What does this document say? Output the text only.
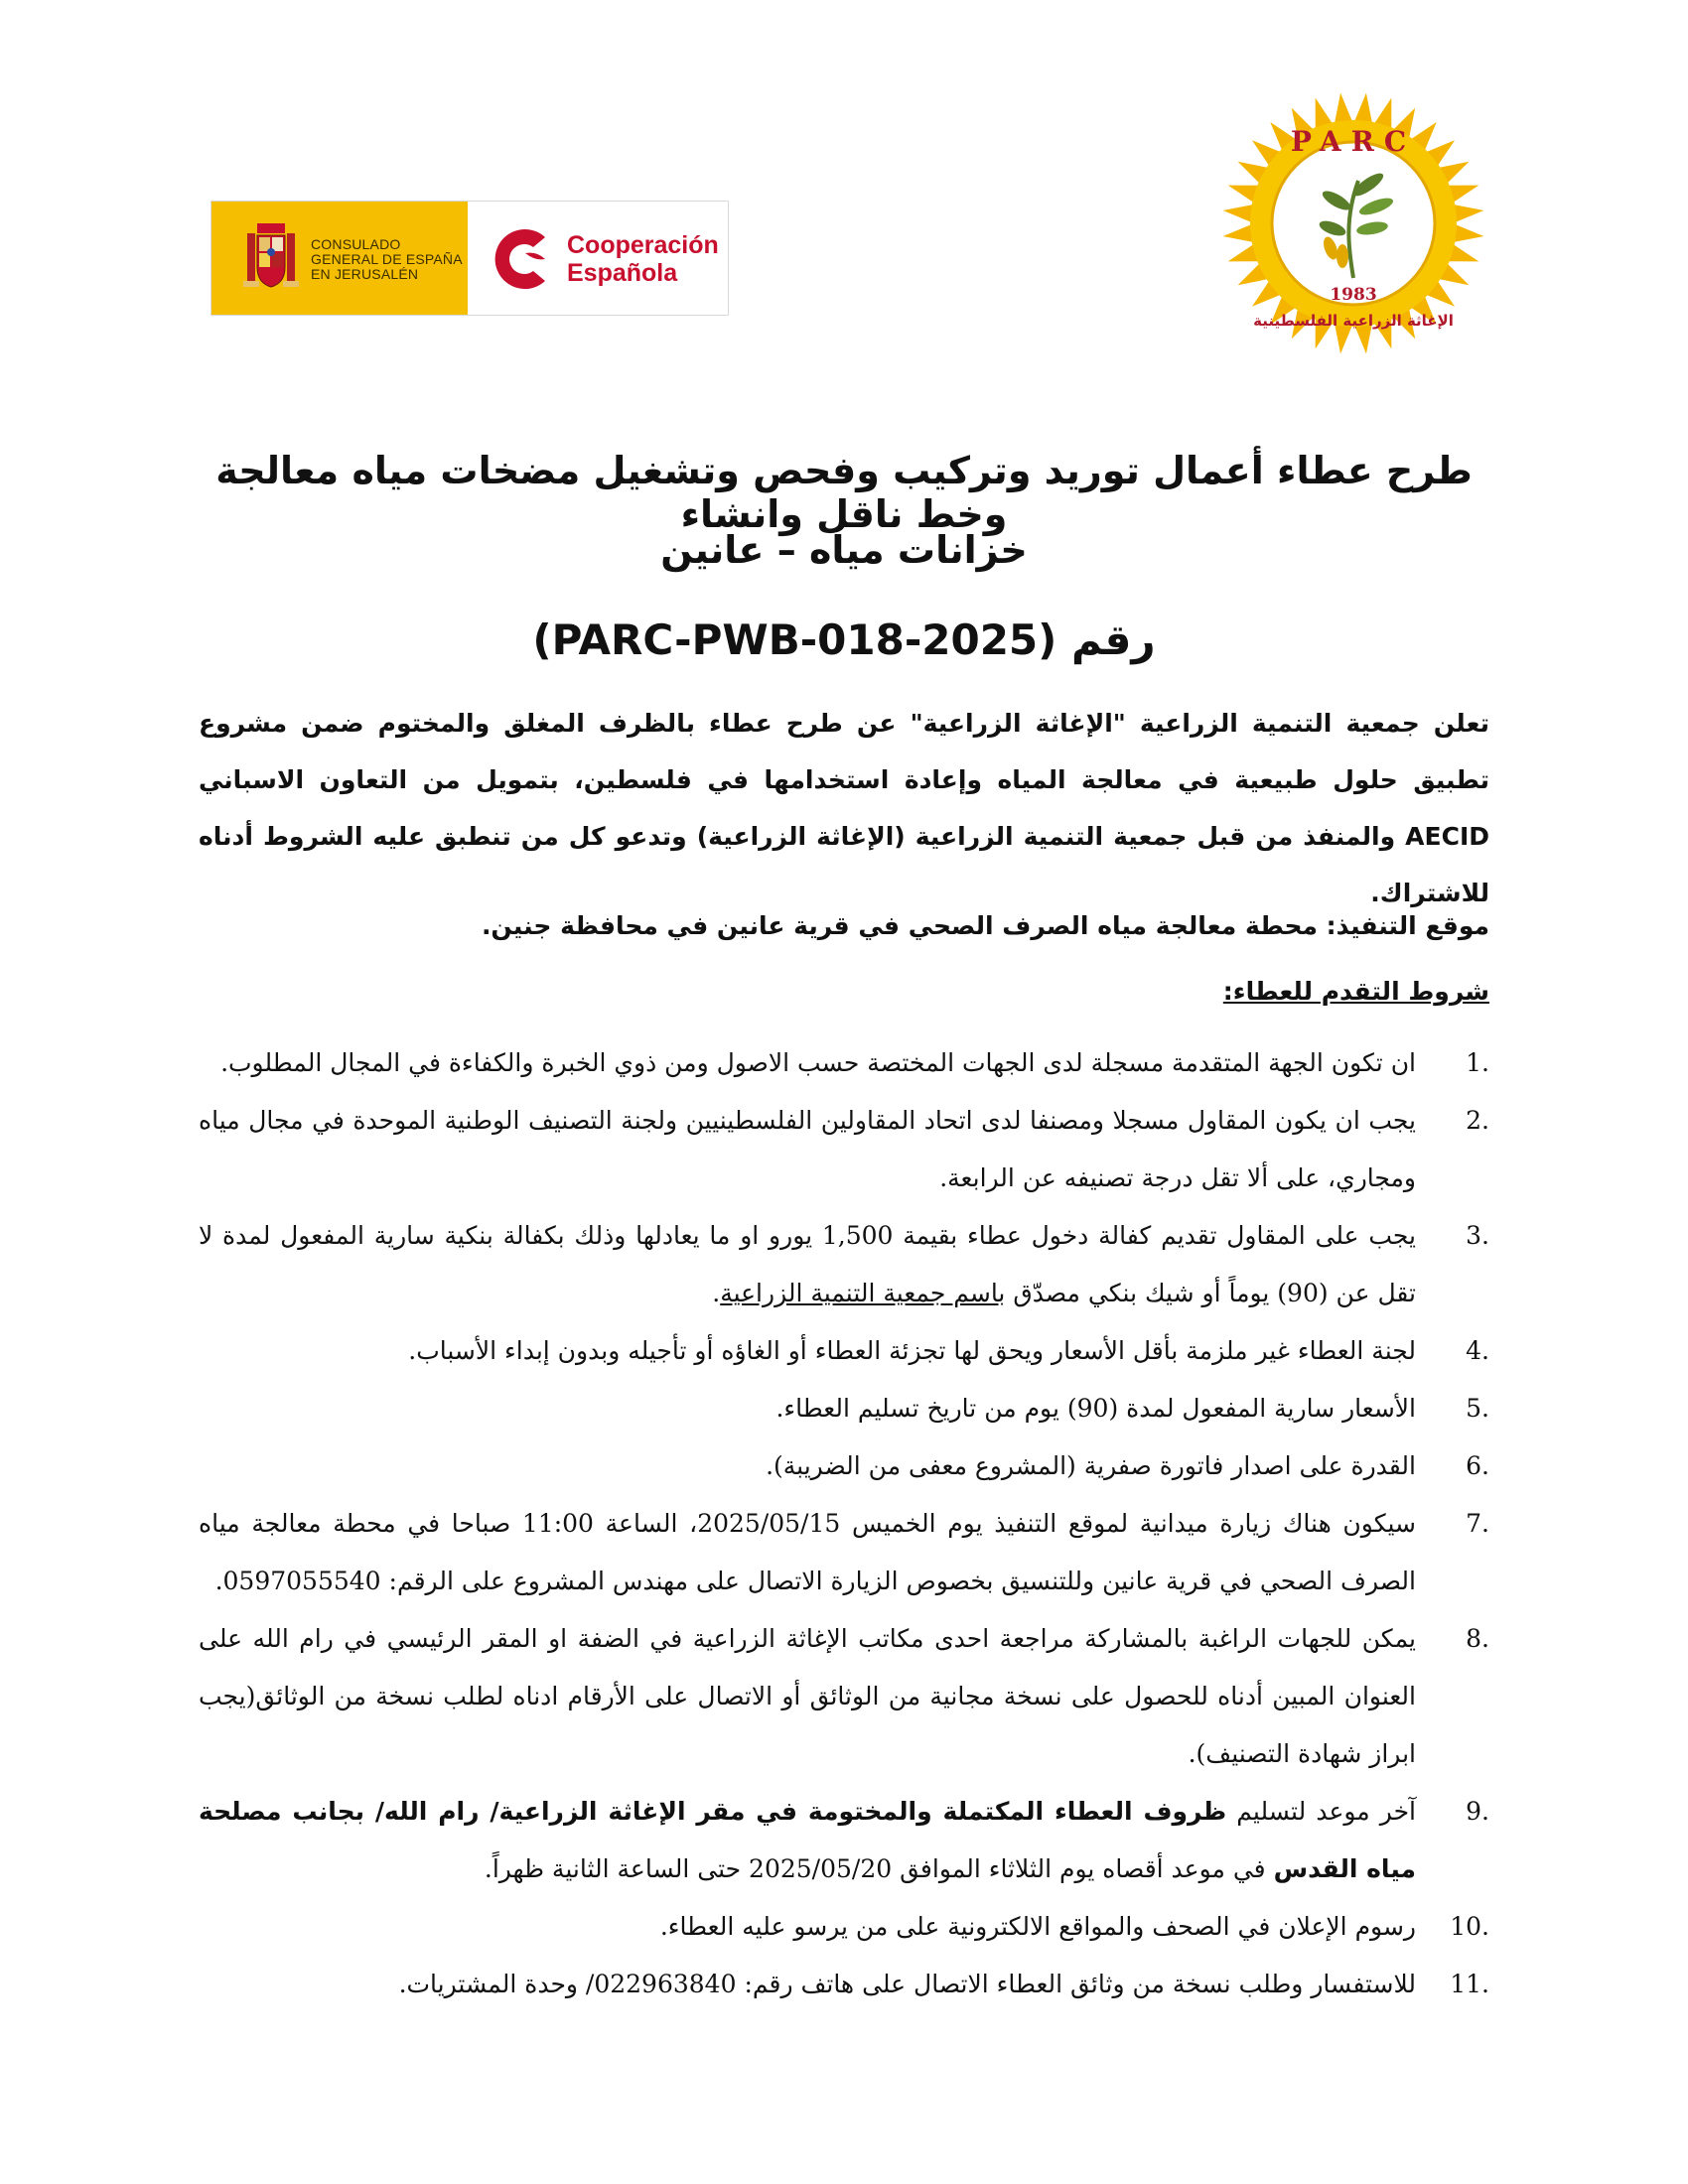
CONSULADO
GENERAL DE ESPAÑA
EN JERUSALÉN
Cooperación
Española
PARC
1983
الإغاثة الزراعية الفلسطينية
طرح عطاء أعمال توريد وتركيب وفحص وتشغيل مضخات مياه معالجة وخط ناقل وانشاء
خزانات مياه – عانين
رقم (PARC-PWB-018-2025)
تعلن جمعية التنمية الزراعية "الإغاثة الزراعية" عن طرح عطاء بالظرف المغلق والمختوم ضمن مشروع تطبيق حلول طبيعية في معالجة المياه وإعادة استخدامها في فلسطين، بتمويل من التعاون الاسباني AECID والمنفذ من قبل جمعية التنمية الزراعية (الإغاثة الزراعية) وتدعو كل من تنطبق عليه الشروط أدناه للاشتراك.
موقع التنفيذ: محطة معالجة مياه الصرف الصحي في قرية عانين في محافظة جنين.
شروط التقدم للعطاء:
1.
ان تكون الجهة المتقدمة مسجلة لدى الجهات المختصة حسب الاصول ومن ذوي الخبرة والكفاءة في المجال المطلوب.
2.
يجب ان يكون المقاول مسجلا ومصنفا لدى اتحاد المقاولين الفلسطينيين ولجنة التصنيف الوطنية الموحدة في مجال مياه ومجاري، على ألا تقل درجة تصنيفه عن الرابعة.
3.
يجب على المقاول تقديم كفالة دخول عطاء بقيمة 1,500 يورو او ما يعادلها وذلك بكفالة بنكية سارية المفعول لمدة لا تقل عن (90) يوماً أو شيك بنكي مصدّق باسم جمعية التنمية الزراعية.
4.
لجنة العطاء غير ملزمة بأقل الأسعار ويحق لها تجزئة العطاء أو الغاؤه أو تأجيله وبدون إبداء الأسباب.
5.
الأسعار سارية المفعول لمدة (90) يوم من تاريخ تسليم العطاء.
6.
القدرة على اصدار فاتورة صفرية (المشروع معفى من الضريبة).
7.
سيكون هناك زيارة ميدانية لموقع التنفيذ يوم الخميس 2025/05/15، الساعة 11:00 صباحا في محطة معالجة مياه الصرف الصحي في قرية عانين وللتنسيق بخصوص الزيارة الاتصال على مهندس المشروع على الرقم: 0597055540.
8.
يمكن للجهات الراغبة بالمشاركة مراجعة احدى مكاتب الإغاثة الزراعية في الضفة او المقر الرئيسي في رام الله على العنوان المبين أدناه للحصول على نسخة مجانية من الوثائق أو الاتصال على الأرقام ادناه لطلب نسخة من الوثائق(يجب ابراز شهادة التصنيف).
9.
آخر موعد لتسليم ظروف العطاء المكتملة والمختومة في مقر الإغاثة الزراعية/ رام الله/ بجانب مصلحة مياه القدس في موعد أقصاه يوم الثلاثاء الموافق 2025/05/20 حتى الساعة الثانية ظهراً.
10.
رسوم الإعلان في الصحف والمواقع الالكترونية على من يرسو عليه العطاء.
11.
للاستفسار وطلب نسخة من وثائق العطاء الاتصال على هاتف رقم: 022963840/ وحدة المشتريات.
